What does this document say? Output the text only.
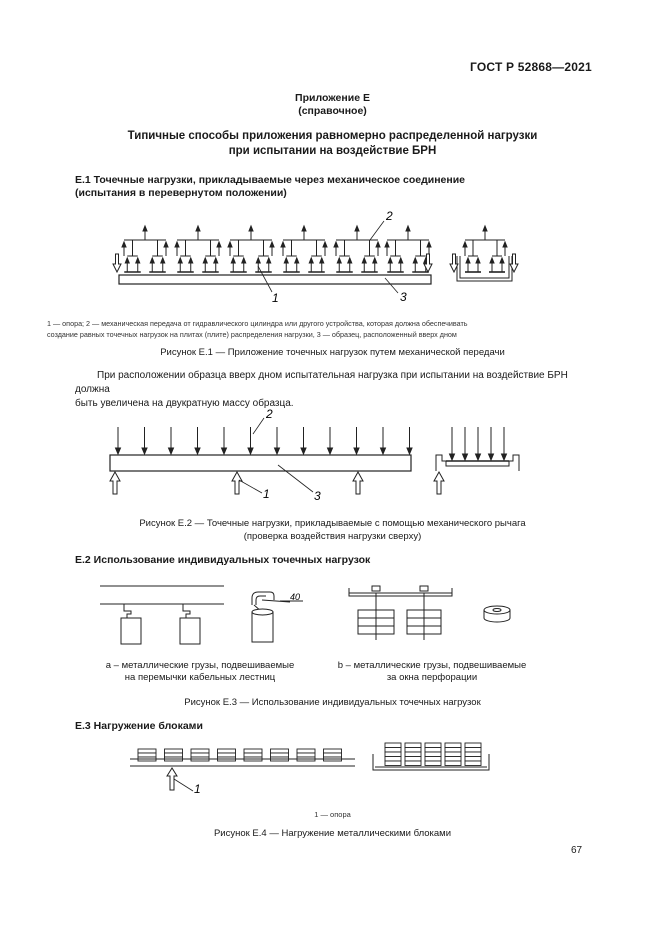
ГОСТ Р 52868—2021
Приложение Е
(справочное)
Типичные способы приложения равномерно распределенной нагрузки
при испытании на воздействие БРН
Е.1 Точечные нагрузки, прикладываемые через механическое соединение
(испытания в перевернутом положении)
1
2
3
1 — опора; 2 — механическая передача от гидравлического цилиндра или другого устройства, которая должна обеспечивать
создание равных точечных нагрузок на плитах (плите) распределения нагрузки, 3 — образец, расположенный вверх дном
Рисунок Е.1 — Приложение точечных нагрузок путем механической передачи
При расположении образца вверх дном испытательная нагрузка при испытании на воздействие БРН должна
быть увеличена на двукратную массу образца.
1
2
3
Рисунок Е.2 — Точечные нагрузки, прикладываемые с помощью механического рычага
(проверка воздействия нагрузки сверху)
Е.2 Использование индивидуальных точечных нагрузок
40
а – металлические грузы, подвешиваемые
на перемычки кабельных лестниц
b – металлические грузы, подвешиваемые
за окна перфорации
Рисунок Е.3 — Использование индивидуальных точечных нагрузок
Е.3 Нагружение блоками
1
1 — опора
Рисунок Е.4 — Нагружение металлическими блоками
67
